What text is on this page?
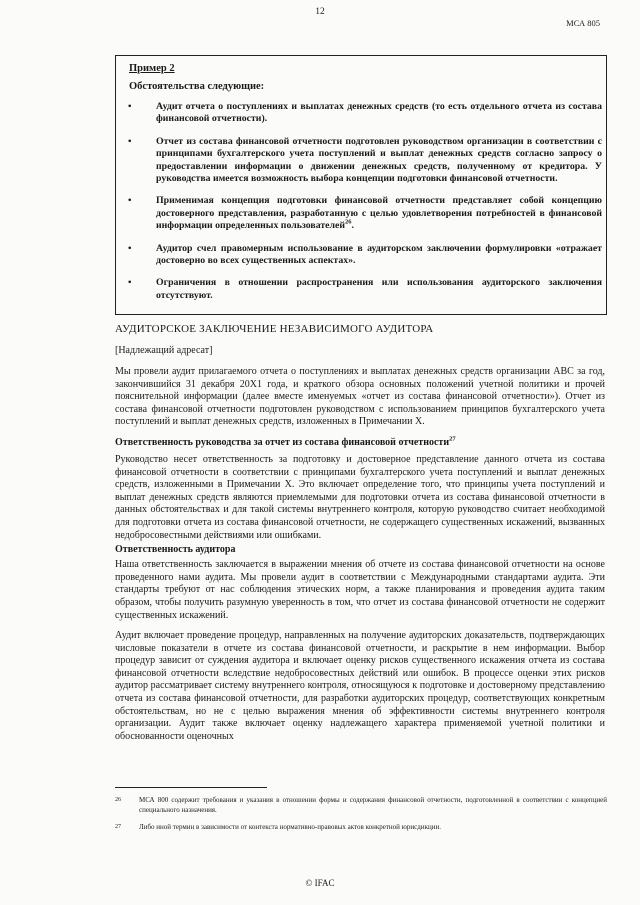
12
МСА 805
Пример 2
Обстоятельства следующие:
•	Аудит отчета о поступлениях и выплатах денежных средств (то есть отдельного отчета из состава финансовой отчетности).
•	Отчет из состава финансовой отчетности подготовлен руководством организации в соответствии с принципами бухгалтерского учета поступлений и выплат денежных средств согласно запросу о предоставлении информации о движении денежных средств, полученному от кредитора. У руководства имеется возможность выбора концепции подготовки финансовой отчетности.
•	Применимая концепция подготовки финансовой отчетности представляет собой концепцию достоверного представления, разработанную с целью удовлетворения потребностей в финансовой информации определенных пользователей$^{26}$.
•	Аудитор счел правомерным использование в аудиторском заключении формулировки «отражает достоверно во всех существенных аспектах».
•	Ограничения в отношении распространения или использования аудиторского заключения отсутствуют.
АУДИТОРСКОЕ ЗАКЛЮЧЕНИЕ НЕЗАВИСИМОГО АУДИТОРА
[Надлежащий адресат]

Мы провели аудит прилагаемого отчета о поступлениях и выплатах денежных средств организации АВС за год, закончившийся 31 декабря 20Х1 года, и краткого обзора основных положений учетной политики и прочей пояснительной информации (далее вместе именуемых «отчет из состава финансовой отчетности»). Отчет из состава финансовой отчетности подготовлен руководством с использованием принципов бухгалтерского учета поступлений и выплат денежных средств, изложенных в Примечании Х.

Ответственность руководства за отчет из состава финансовой отчетности$^{27}$

Руководство несет ответственность за подготовку и достоверное представление данного отчета из состава финансовой отчетности в соответствии с принципами бухгалтерского учета поступлений и выплат денежных средств, изложенными в Примечании Х. Это включает определение того, что принципы учета поступлений и выплат денежных средств являются приемлемыми для подготовки отчета из состава финансовой отчетности в данных обстоятельствах и для такой системы внутреннего контроля, которую руководство считает необходимой для подготовки отчета из состава финансовой отчетности, не содержащего существенных искажений, вызванных недобросовестными действиями или ошибками.

Ответственность аудитора

Наша ответственность заключается в выражении мнения об отчете из состава финансовой отчетности на основе проведенного нами аудита. Мы провели аудит в соответствии с Международными стандартами аудита. Эти стандарты требуют от нас соблюдения этических норм, а также планирования и проведения аудита таким образом, чтобы получить разумную уверенность в том, что отчет из состава финансовой отчетности не содержит существенных искажений.

Аудит включает проведение процедур, направленных на получение аудиторских доказательств, подтверждающих числовые показатели в отчете из состава финансовой отчетности, и раскрытие в нем информации. Выбор процедур зависит от суждения аудитора и включает оценку рисков существенного искажения отчета из состава финансовой отчетности вследствие недобросовестных действий или ошибок. В процессе оценки этих рисков аудитор рассматривает систему внутреннего контроля, относящуюся к подготовке и достоверному представлению отчета из состава финансовой отчетности, для разработки аудиторских процедур, соответствующих конкретным обстоятельствам, но не с целью выражения мнения об эффективности системы внутреннего контроля организации. Аудит также включает оценку надлежащего характера применяемой учетной политики и обоснованности оценочных

26	МСА 800 содержит требования и указания в отношении формы и содержания финансовой отчетности, подготовленной в соответствии с концепцией специального назначения.
27	Либо иной термин в зависимости от контекста нормативно-правовых актов конкретной юрисдикции.
© IFAC
